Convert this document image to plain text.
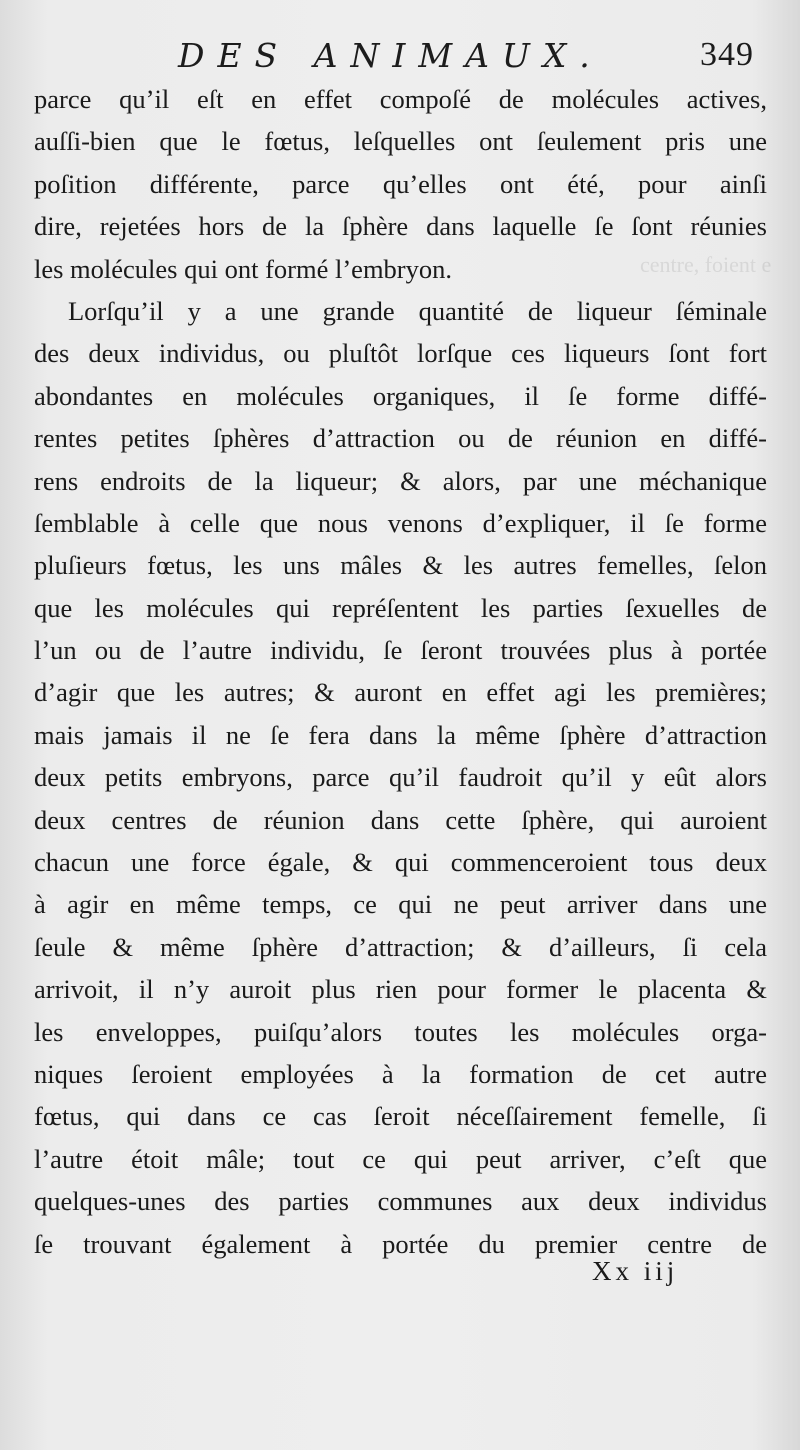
centre, foient e
DES ANIMAUX.	349
parce qu’il eſt en effet compoſé de molécules actives,
auſſi-bien que le fœtus, leſquelles ont ſeulement pris une
poſition différente, parce qu’elles ont été, pour ainſi
dire, rejetées hors de la ſphère dans laquelle ſe ſont réunies
les molécules qui ont formé l’embryon.
Lorſqu’il y a une grande quantité de liqueur ſéminale
des deux individus, ou pluſtôt lorſque ces liqueurs ſont fort
abondantes en molécules organiques, il ſe forme diffé-
rentes petites ſphères d’attraction ou de réunion en diffé-
rens endroits de la liqueur; & alors, par une méchanique
ſemblable à celle que nous venons d’expliquer, il ſe forme
pluſieurs fœtus, les uns mâles & les autres femelles, ſelon
que les molécules qui repréſentent les parties ſexuelles de
l’un ou de l’autre individu, ſe ſeront trouvées plus à portée
d’agir que les autres; & auront en effet agi les premières;
mais jamais il ne ſe fera dans la même ſphère d’attraction
deux petits embryons, parce qu’il faudroit qu’il y eût alors
deux centres de réunion dans cette ſphère, qui auroient
chacun une force égale, & qui commenceroient tous deux
à agir en même temps, ce qui ne peut arriver dans une
ſeule & même ſphère d’attraction; & d’ailleurs, ſi cela
arrivoit, il n’y auroit plus rien pour former le placenta &
les enveloppes, puiſqu’alors toutes les molécules orga-
niques ſeroient employées à la formation de cet autre
fœtus, qui dans ce cas ſeroit néceſſairement femelle, ſi
l’autre étoit mâle; tout ce qui peut arriver, c’eſt que
quelques-unes des parties communes aux deux individus
ſe trouvant également à portée du premier centre de
Xx iij
